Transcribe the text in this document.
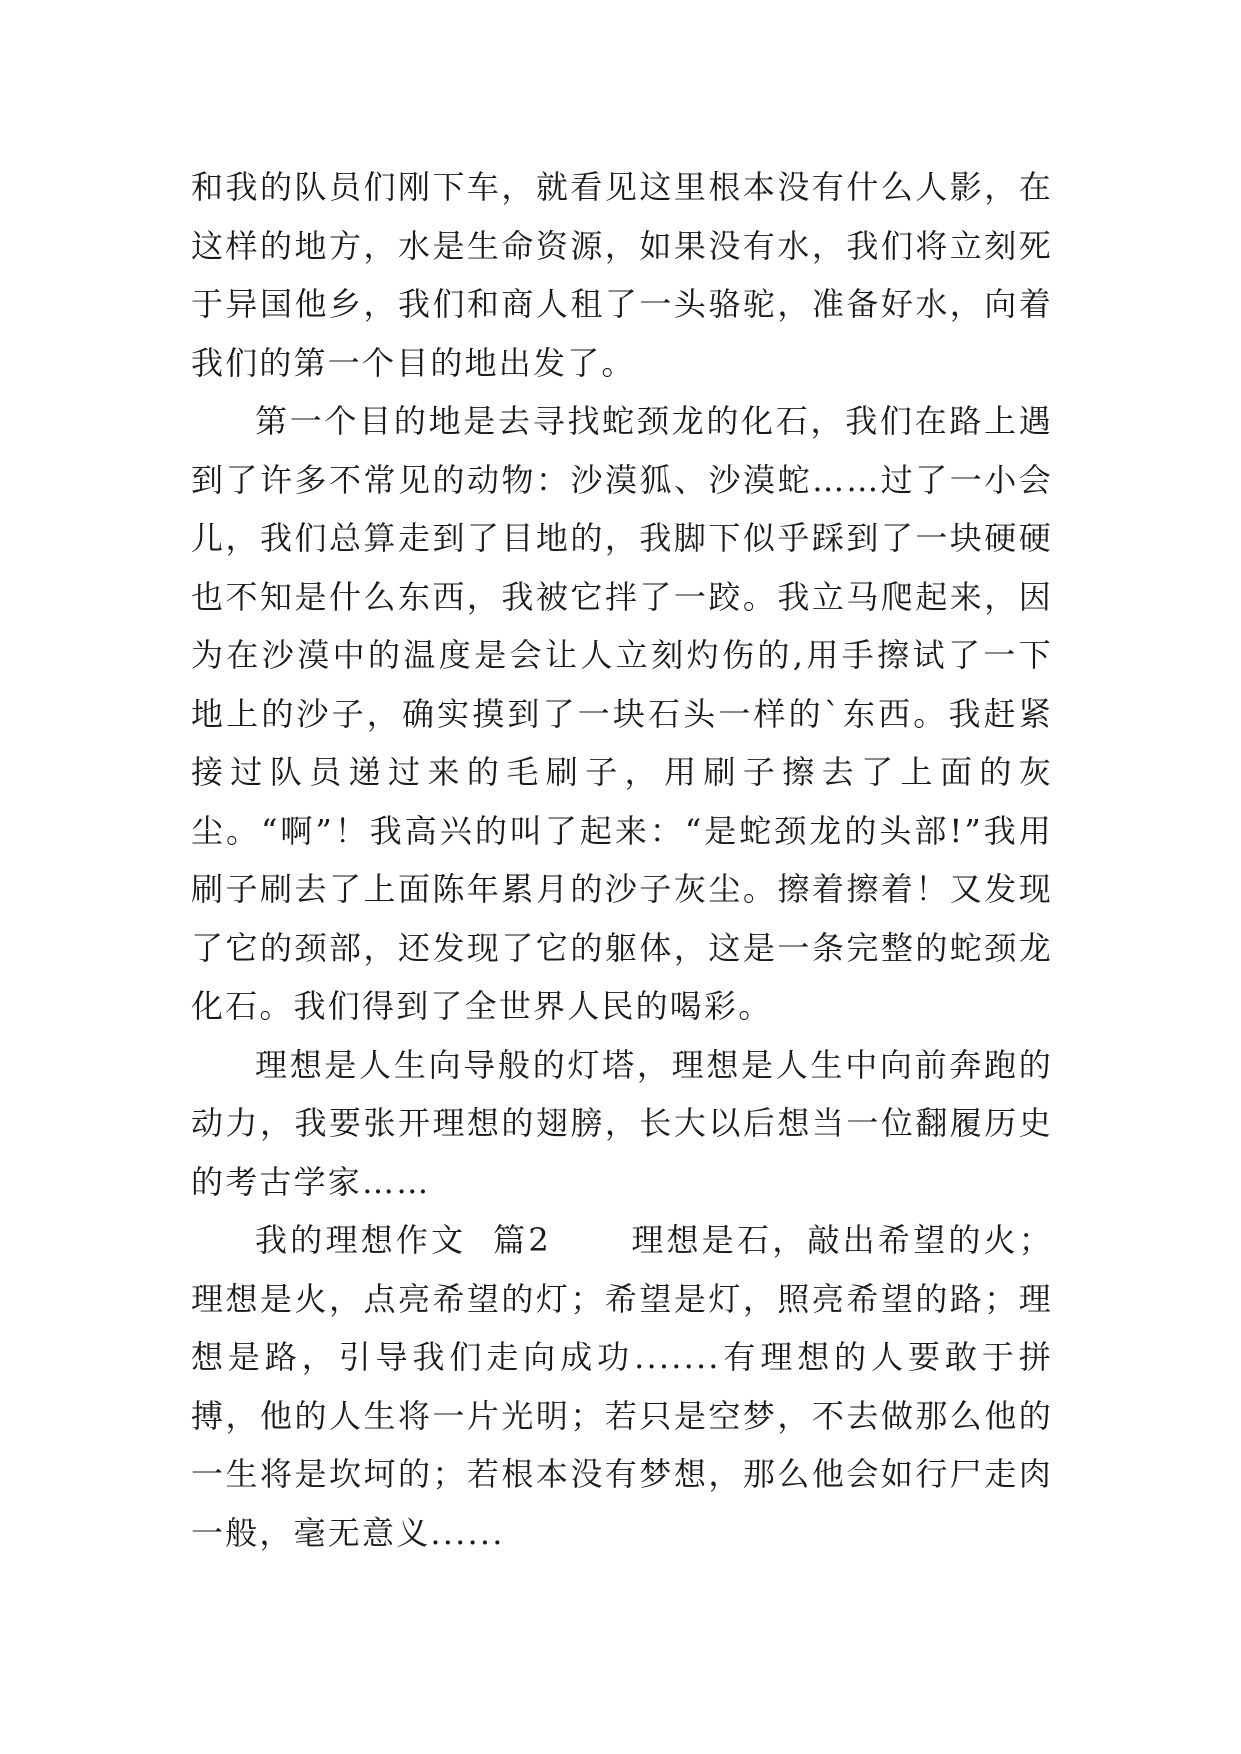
和我的队员们刚下车，就看见这里根本没有什么人影，在这样的地方，水是生命资源，如果没有水，我们将立刻死于异国他乡，我们和商人租了一头骆驼，准备好水，向着我们的第一个目的地出发了。

第一个目的地是去寻找蛇颈龙的化石，我们在路上遇到了许多不常见的动物：沙漠狐、沙漠蛇……过了一小会儿，我们总算走到了目地的，我脚下似乎踩到了一块硬硬也不知是什么东西，我被它拌了一跤。我立马爬起来，因为在沙漠中的温度是会让人立刻灼伤的,用手擦试了一下地上的沙子，确实摸到了一块石头一样的`东西。我赶紧接过队员递过来的毛刷子，用刷子擦去了上面的灰尘。“啊”！我高兴的叫了起来：“是蛇颈龙的头部!”我用刷子刷去了上面陈年累月的沙子灰尘。擦着擦着！又发现了它的颈部，还发现了它的躯体，这是一条完整的蛇颈龙化石。我们得到了全世界人民的喝彩。

理想是人生向导般的灯塔，理想是人生中向前奔跑的动力，我要张开理想的翅膀，长大以后想当一位翻履历史的考古学家……

我的理想作文  篇2      理想是石，敲出希望的火；理想是火，点亮希望的灯；希望是灯，照亮希望的路；理想是路，引导我们走向成功.......有理想的人要敢于拼搏，他的人生将一片光明；若只是空梦，不去做那么他的一生将是坎坷的；若根本没有梦想，那么他会如行尸走肉一般，毫无意义......
